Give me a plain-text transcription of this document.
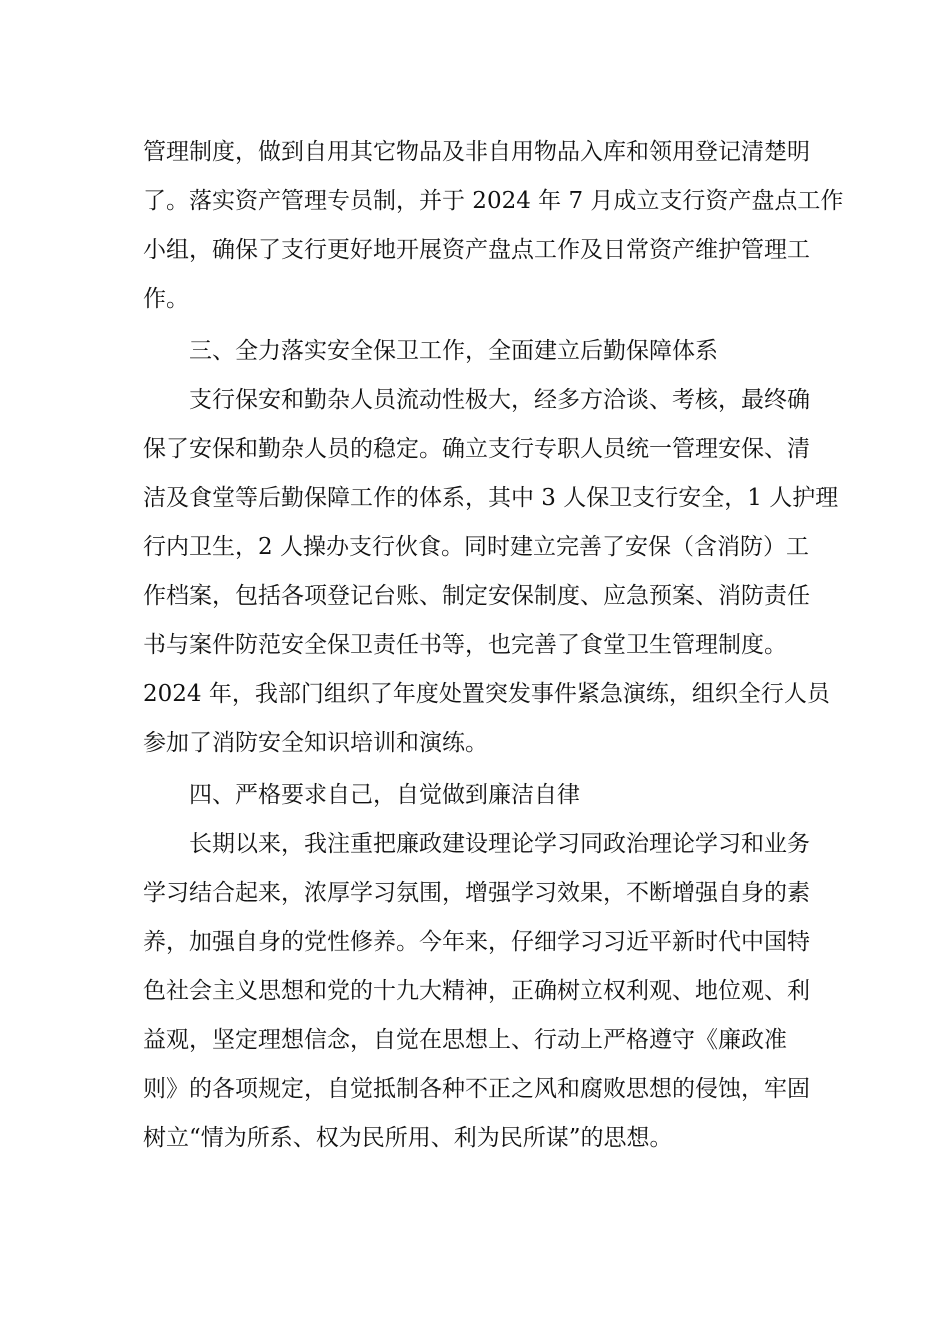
管理制度，做到自用其它物品及非自用物品入库和领用登记清楚明
了。落实资产管理专员制，并于 2024 年 7 月成立支行资产盘点工作
小组，确保了支行更好地开展资产盘点工作及日常资产维护管理工
作。
三、全力落实安全保卫工作，全面建立后勤保障体系
支行保安和勤杂人员流动性极大，经多方洽谈、考核，最终确
保了安保和勤杂人员的稳定。确立支行专职人员统一管理安保、清
洁及食堂等后勤保障工作的体系，其中 3 人保卫支行安全，1 人护理
行内卫生，2 人操办支行伙食。同时建立完善了安保（含消防）工
作档案，包括各项登记台账、制定安保制度、应急预案、消防责任
书与案件防范安全保卫责任书等，也完善了食堂卫生管理制度。
2024 年，我部门组织了年度处置突发事件紧急演练，组织全行人员
参加了消防安全知识培训和演练。
四、严格要求自己，自觉做到廉洁自律
长期以来，我注重把廉政建设理论学习同政治理论学习和业务
学习结合起来，浓厚学习氛围，增强学习效果，不断增强自身的素
养，加强自身的党性修养。今年来，仔细学习习近平新时代中国特
色社会主义思想和党的十九大精神，正确树立权利观、地位观、利
益观，坚定理想信念，自觉在思想上、行动上严格遵守《廉政准
则》的各项规定，自觉抵制各种不正之风和腐败思想的侵蚀，牢固
树立“情为所系、权为民所用、利为民所谋”的思想。
